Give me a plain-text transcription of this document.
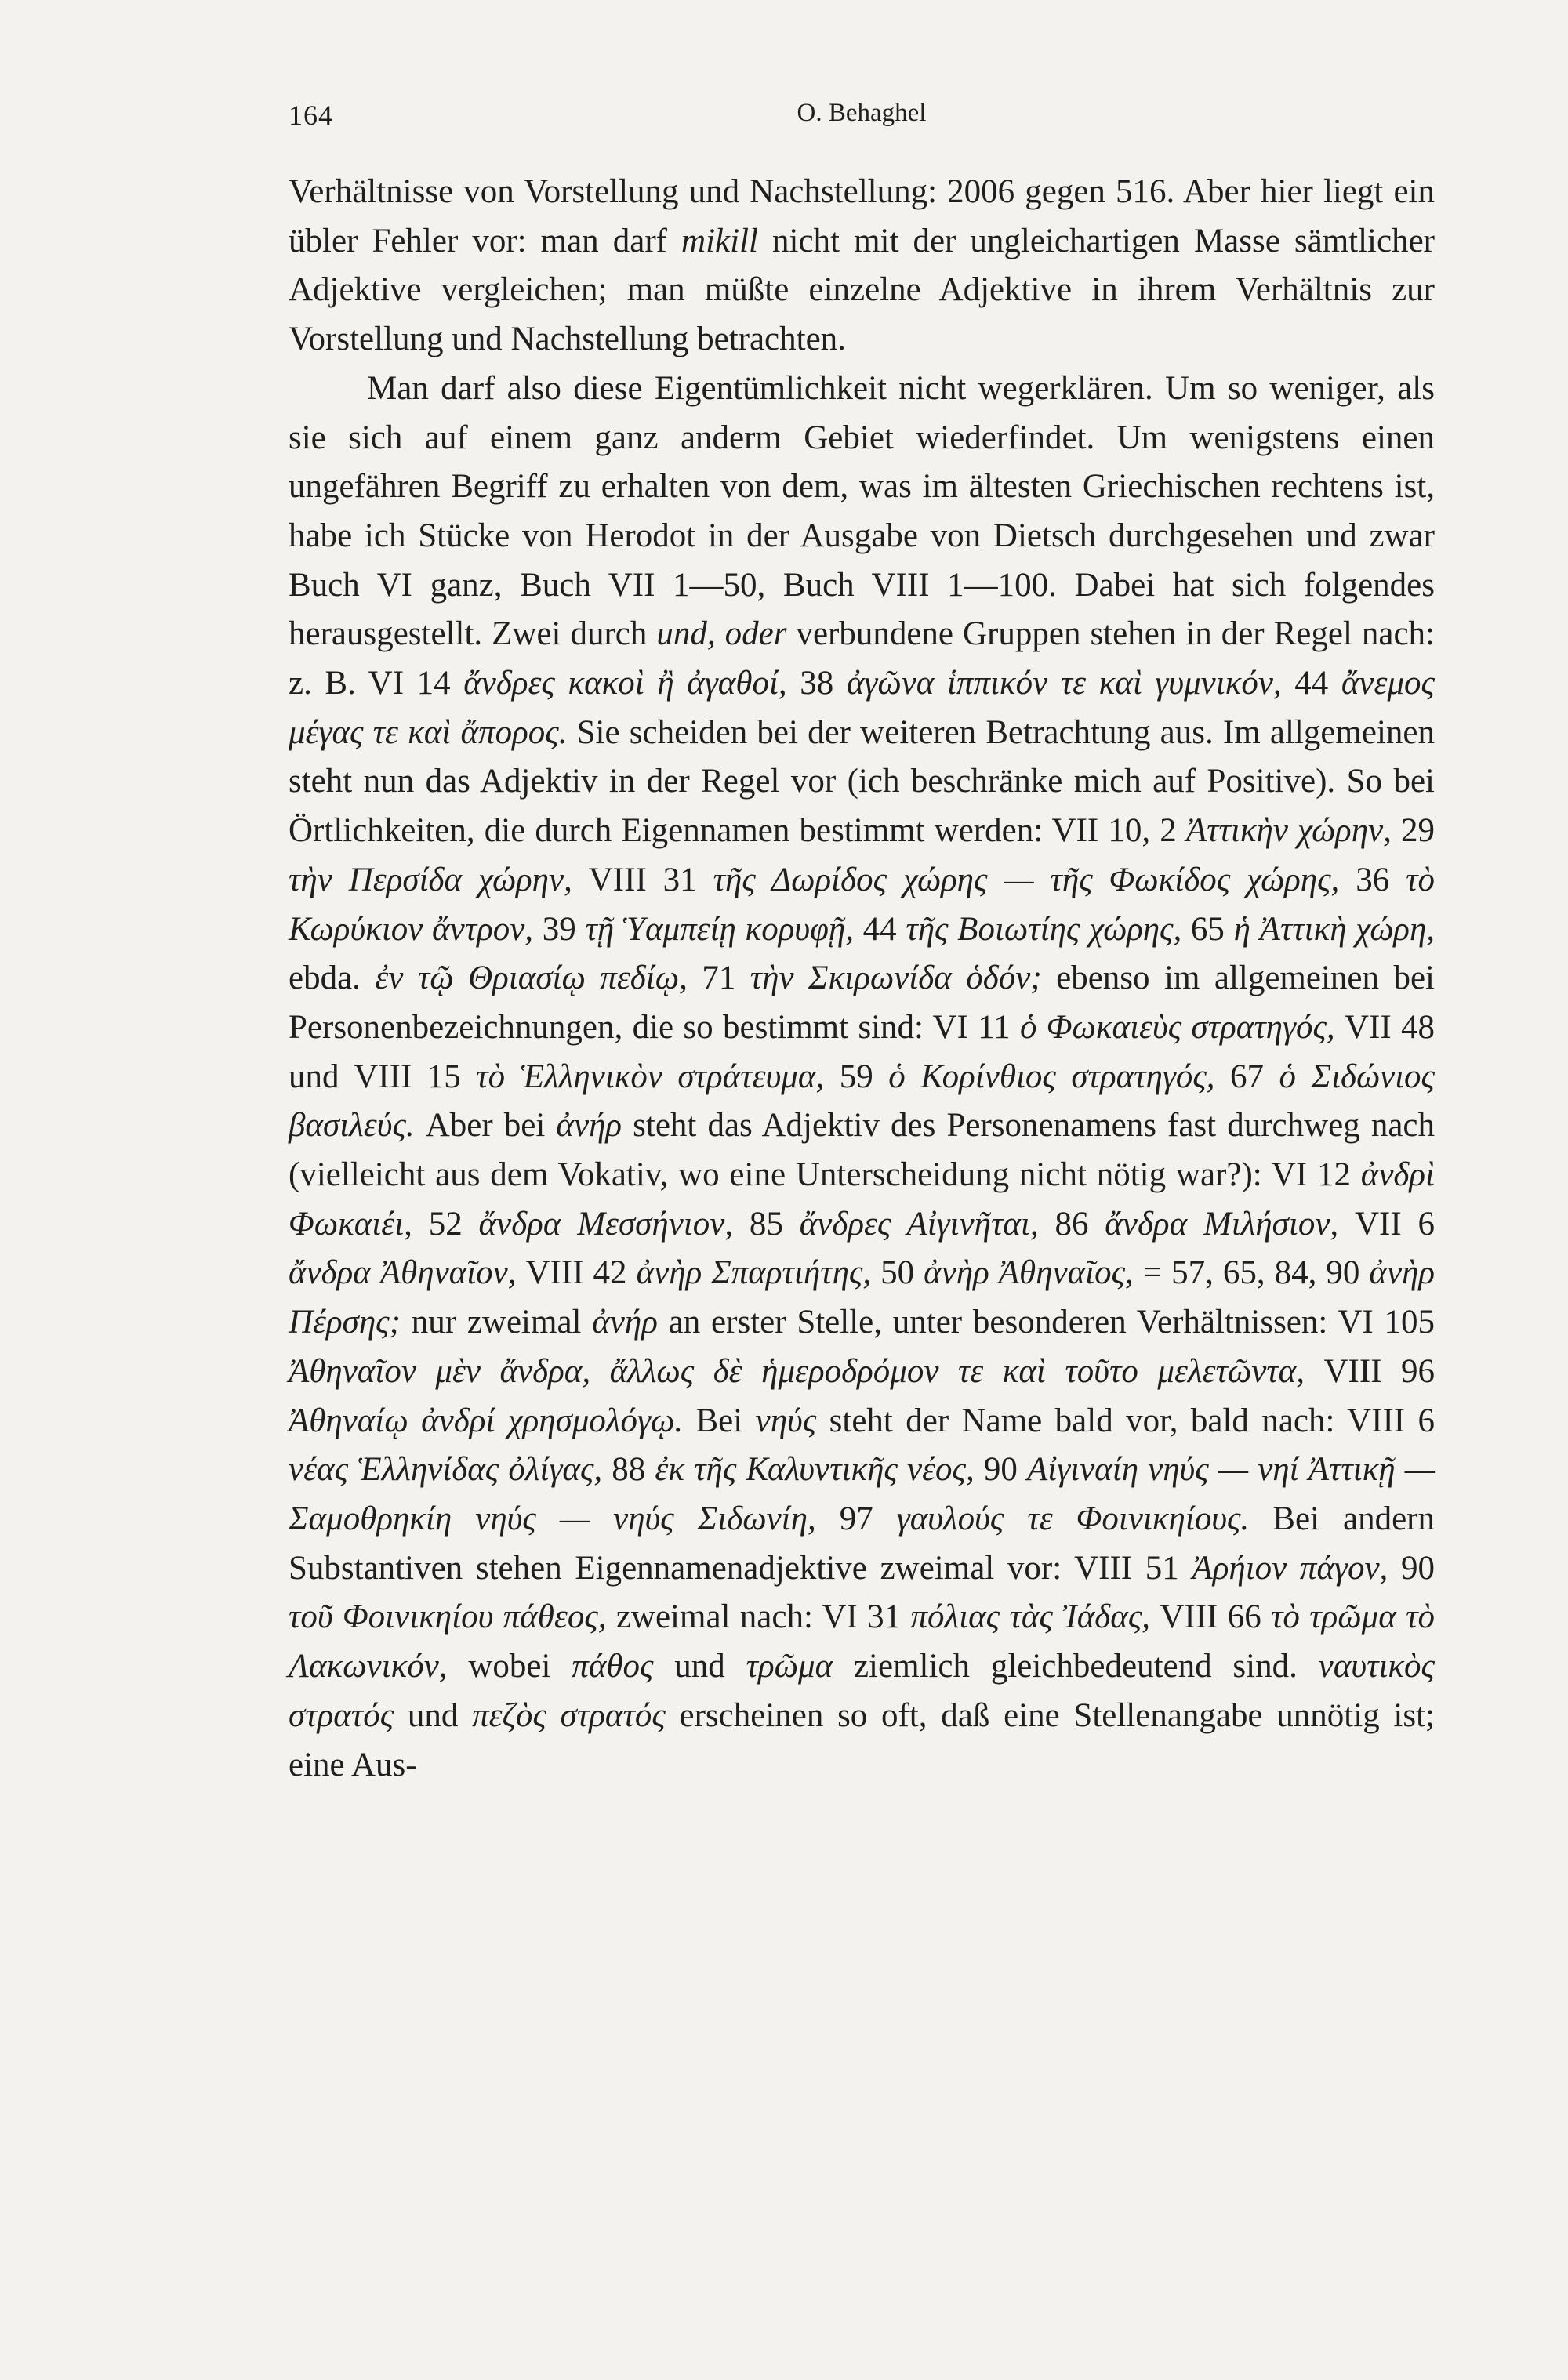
164	O. Behaghel

Verhältnisse von Vorstellung und Nachstellung: 2006 gegen 516. Aber hier liegt ein übler Fehler vor: man darf mikill nicht mit der ungleichartigen Masse sämtlicher Adjektive vergleichen; man müßte einzelne Adjektive in ihrem Verhältnis zur Vorstellung und Nachstellung betrachten.

Man darf also diese Eigentümlichkeit nicht wegerklären. Um so weniger, als sie sich auf einem ganz anderm Gebiet wiederfindet. Um wenigstens einen ungefähren Begriff zu erhalten von dem, was im ältesten Griechischen rechtens ist, habe ich Stücke von Herodot in der Ausgabe von Dietsch durchgesehen und zwar Buch VI ganz, Buch VII 1—50, Buch VIII 1—100. Dabei hat sich folgendes herausgestellt. Zwei durch und, oder verbundene Gruppen stehen in der Regel nach: z. B. VI 14 ἄνδρες κακοὶ ἢ ἀγαθοί, 38 ἀγῶνα ἱππικόν τε καὶ γυμνικόν, 44 ἄνεμος μέγας τε καὶ ἄπορος. Sie scheiden bei der weiteren Betrachtung aus. Im allgemeinen steht nun das Adjektiv in der Regel vor (ich beschränke mich auf Positive). So bei Örtlichkeiten, die durch Eigennamen bestimmt werden: VII 10, 2 Ἀττικὴν χώρην, 29 τὴν Περσίδα χώρην, VIII 31 τῆς Δωρίδος χώρης — τῆς Φωκίδος χώρης, 36 τὸ Κωρύκιον ἄντρον, 39 τῇ Ὑαμπείῃ κορυφῇ, 44 τῆς Βοιωτίης χώρης, 65 ἡ Ἀττικὴ χώρη, ebda. ἐν τῷ Θριασίῳ πεδίῳ, 71 τὴν Σκιρωνίδα ὁδόν; ebenso im allgemeinen bei Personenbezeichnungen, die so bestimmt sind: VI 11 ὁ Φωκαιεὺς στρατηγός, VII 48 und VIII 15 τὸ Ἑλληνικὸν στράτευμα, 59 ὁ Κορίνθιος στρατηγός, 67 ὁ Σιδώνιος βασιλεύς. Aber bei ἀνήρ steht das Adjektiv des Personenamens fast durchweg nach (vielleicht aus dem Vokativ, wo eine Unterscheidung nicht nötig war?): VI 12 ἀνδρὶ Φωκαιέι, 52 ἄνδρα Μεσσήνιον, 85 ἄνδρες Αἰγινῆται, 86 ἄνδρα Μιλήσιον, VII 6 ἄνδρα Ἀθηναῖον, VIII 42 ἀνὴρ Σπαρτιήτης, 50 ἀνὴρ Ἀθηναῖος, = 57, 65, 84, 90 ἀνὴρ Πέρσης; nur zweimal ἀνήρ an erster Stelle, unter besonderen Verhältnissen: VI 105 Ἀθηναῖον μὲν ἄνδρα, ἄλλως δὲ ἡμεροδρόμον τε καὶ τοῦτο μελετῶντα, VIII 96 Ἀθηναίῳ ἀνδρί χρησμολόγῳ. Bei νηύς steht der Name bald vor, bald nach: VIII 6 νέας Ἑλληνίδας ὀλίγας, 88 ἐκ τῆς Καλυντικῆς νέος, 90 Αἰγιναίη νηύς — νηί Ἀττικῇ — Σαμοθρηκίη νηύς — νηύς Σιδωνίη, 97 γαυλούς τε Φοινικηίους. Bei andern Substantiven stehen Eigennamenadjektive zweimal vor: VIII 51 Ἀρήιον πάγον, 90 τοῦ Φοινικηίου πάθεος, zweimal nach: VI 31 πόλιας τὰς Ἰάδας, VIII 66 τὸ τρῶμα τὸ Λακωνικόν, wobei πάθος und τρῶμα ziemlich gleichbedeutend sind. ναυτικὸς στρατός und πεζὸς στρατός erscheinen so oft, daß eine Stellenangabe unnötig ist; eine Aus-
